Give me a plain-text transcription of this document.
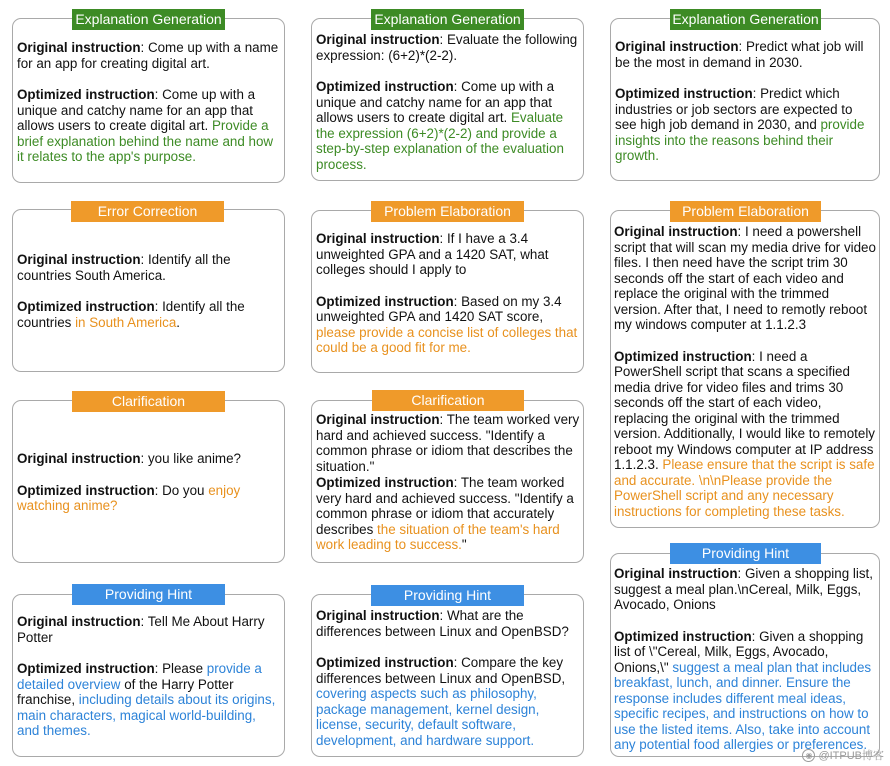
Explanation Generation

Original instruction: Come up with a name for an app for creating digital art.

Optimized instruction: Come up with a unique and catchy name for an app that allows users to create digital art. Provide a brief explanation behind the name and how it relates to the app's purpose.

Error Correction

Original instruction: Identify all the countries South America.

Optimized instruction: Identify all the countries in South America.

Clarification

Original instruction: you like anime?

Optimized instruction: Do you enjoy watching anime?

Providing Hint

Original instruction: Tell Me About Harry Potter

Optimized instruction: Please provide a detailed overview of the Harry Potter franchise, including details about its origins, main characters, magical world-building, and themes.

Explanation Generation

Original instruction: Evaluate the following expression: (6+2)*(2-2).

Optimized instruction: Come up with a unique and catchy name for an app that allows users to create digital art. Evaluate the expression (6+2)*(2-2) and provide a step-by-step explanation of the evaluation process.

Problem Elaboration

Original instruction: If I have a 3.4 unweighted GPA and a 1420 SAT, what colleges should I apply to

Optimized instruction: Based on my 3.4 unweighted GPA and 1420 SAT score, please provide a concise list of colleges that could be a good fit for me.

Clarification

Original instruction: The team worked very hard and achieved success. "Identify a common phrase or idiom that describes the situation."

Optimized instruction: The team worked very hard and achieved success. "Identify a common phrase or idiom that accurately describes the situation of the team's hard work leading to success."

Providing Hint

Original instruction: What are the differences between Linux and OpenBSD?

Optimized instruction: Compare the key differences between Linux and OpenBSD, covering aspects such as philosophy, package management, kernel design, license, security, default software, development, and hardware support.

Explanation Generation

Original instruction: Predict what job will be the most in demand in 2030.

Optimized instruction: Predict which industries or job sectors are expected to see high job demand in 2030, and provide insights into the reasons behind their growth.

Problem Elaboration

Original instruction: I need a powershell script that will scan my media drive for video files. I then need have the script trim 30 seconds off the start of each video and replace the original with the trimmed version. After that, I need to remotly reboot my windows computer at 1.1.2.3

Optimized instruction: I need a PowerShell script that scans a specified media drive for video files and trims 30 seconds off the start of each video, replacing the original with the trimmed version. Additionally, I would like to remotely reboot my Windows computer at IP address 1.1.2.3. Please ensure that the script is safe and accurate. \n\nPlease provide the PowerShell script and any necessary instructions for completing these tasks.

Providing Hint

Original instruction: Given a shopping list, suggest a meal plan.\nCereal, Milk, Eggs, Avocado, Onions

Optimized instruction: Given a shopping list of \"Cereal, Milk, Eggs, Avocado, Onions,\" suggest a meal plan that includes breakfast, lunch, and dinner. Ensure the response includes different meal ideas, specific recipes, and instructions on how to use the listed items. Also, take into account any potential food allergies or preferences.

◉ @ITPUB博客
